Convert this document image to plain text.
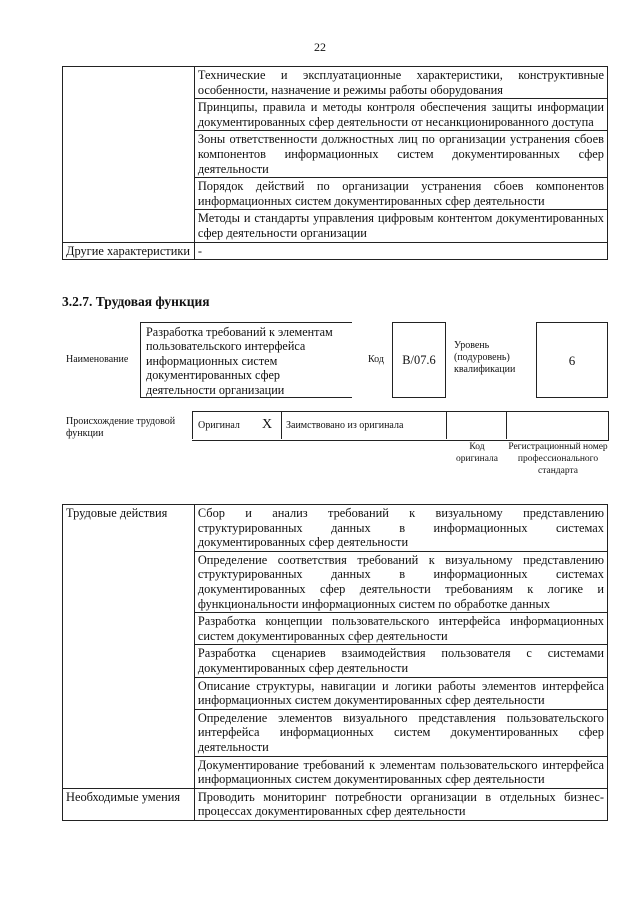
22
	Технические и эксплуатационные характеристики, конструктивные особенности, назначение и режимы работы оборудования
	Принципы, правила и методы контроля обеспечения защиты информации документированных сфер деятельности от несанкционированного доступа
	Зоны ответственности должностных лиц по организации устранения сбоев компонентов информационных систем документированных сфер деятельности
	Порядок действий по организации устранения сбоев компонентов информационных систем документированных сфер деятельности
	Методы и стандарты управления цифровым контентом документированных сфер деятельности организации
Другие характеристики	-
3.2.7. Трудовая функция
Наименование
Разработка требований к элементам пользовательского интерфейса информационных систем документированных сфер деятельности организации
Код	B/07.6
Уровень (подуровень) квалификации
6
Происхождение трудовой функции
Оригинал X Заимствовано из оригинала
Код оригинала
Регистрационный номер профессионального стандарта
Трудовые действия	Сбор и анализ требований к визуальному представлению структурированных данных в информационных системах документированных сфер деятельности
	Определение соответствия требований к визуальному представлению структурированных данных в информационных системах документированных сфер деятельности требованиям к логике и функциональности информационных систем по обработке данных
	Разработка концепции пользовательского интерфейса информационных систем документированных сфер деятельности
	Разработка сценариев взаимодействия пользователя с системами документированных сфер деятельности
	Описание структуры, навигации и логики работы элементов интерфейса информационных систем документированных сфер деятельности
	Определение элементов визуального представления пользовательского интерфейса информационных систем документированных сфер деятельности
	Документирование требований к элементам пользовательского интерфейса информационных систем документированных сфер деятельности
Необходимые умения	Проводить мониторинг потребности организации в отдельных бизнес-процессах документированных сфер деятельности
